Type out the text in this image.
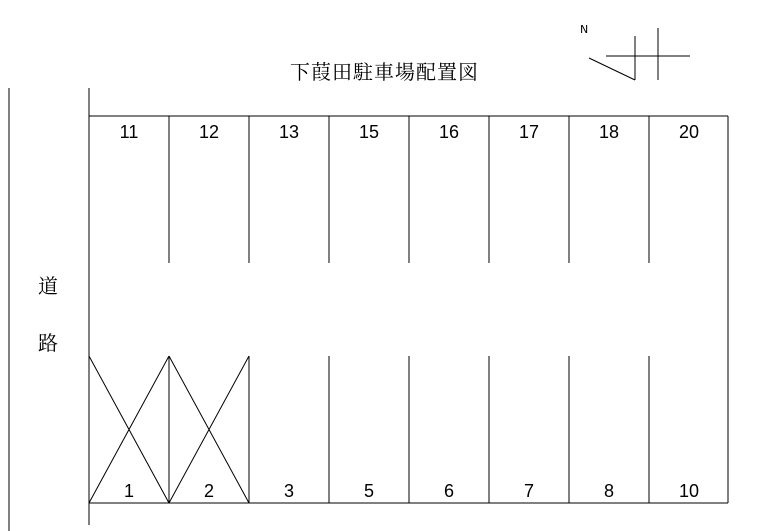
下葭田駐車場配置図
N
道
路
11	12	13	15	16	17	18	20
1	2	3	5	6	7	8	10
